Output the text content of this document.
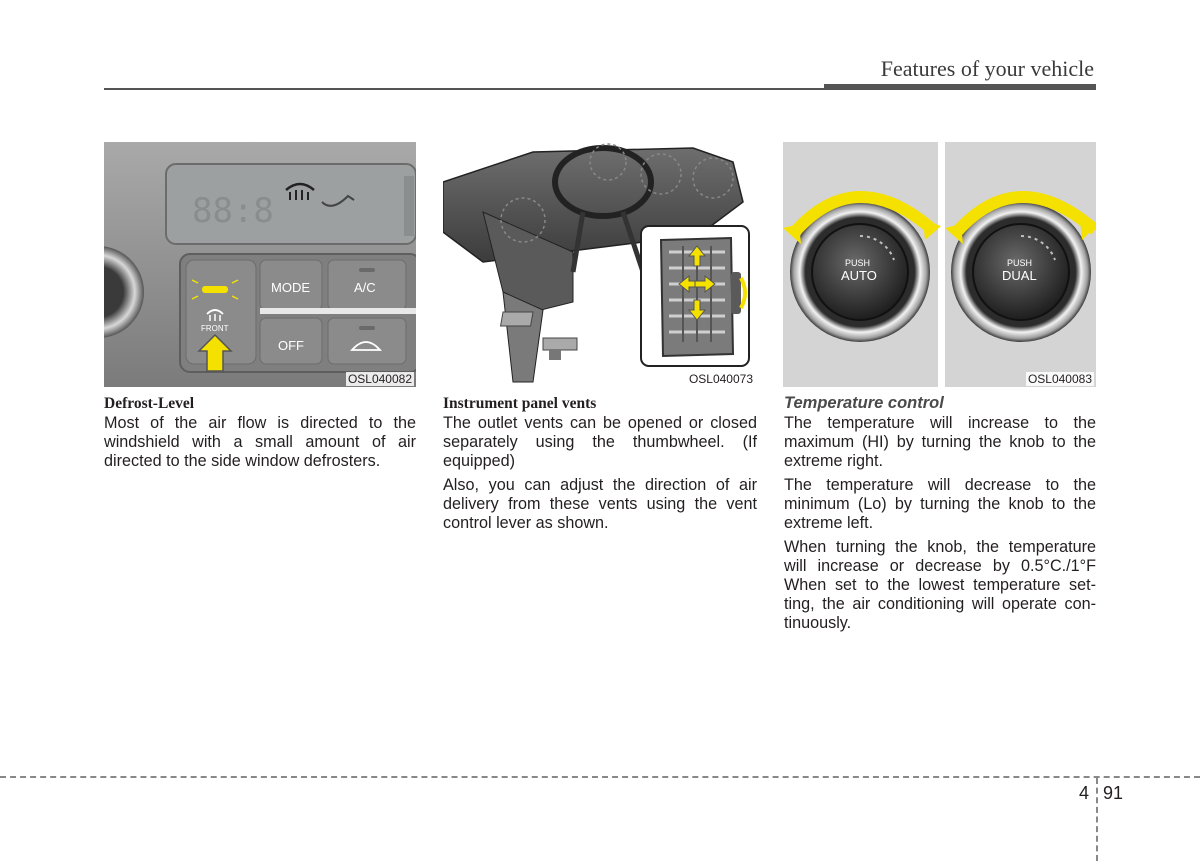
Features of your vehicle
88:8
MODE	A/C
OFF
FRONT
OSL040082	OSL040073
PUSH
AUTO
PUSH
DUAL
OSL040083
Defrost-Level

Most of the air flow is directed to the windshield with a small amount of air directed to the side window defrosters.

Instrument panel vents

The outlet vents can be opened or closed separately using the thumbwheel. (If equipped)

Also, you can adjust the direction of air delivery from these vents using the vent control lever as shown.

Temperature control

The temperature will increase to the maximum (HI) by turning the knob to the extreme right.

The temperature will decrease to the minimum (Lo) by turning the knob to the extreme left.

When turning the knob, the temperature will increase or decrease by 0.5°C./1°F When set to the lowest temperature set-ting, the air conditioning will operate con-tinuously.

4 91
